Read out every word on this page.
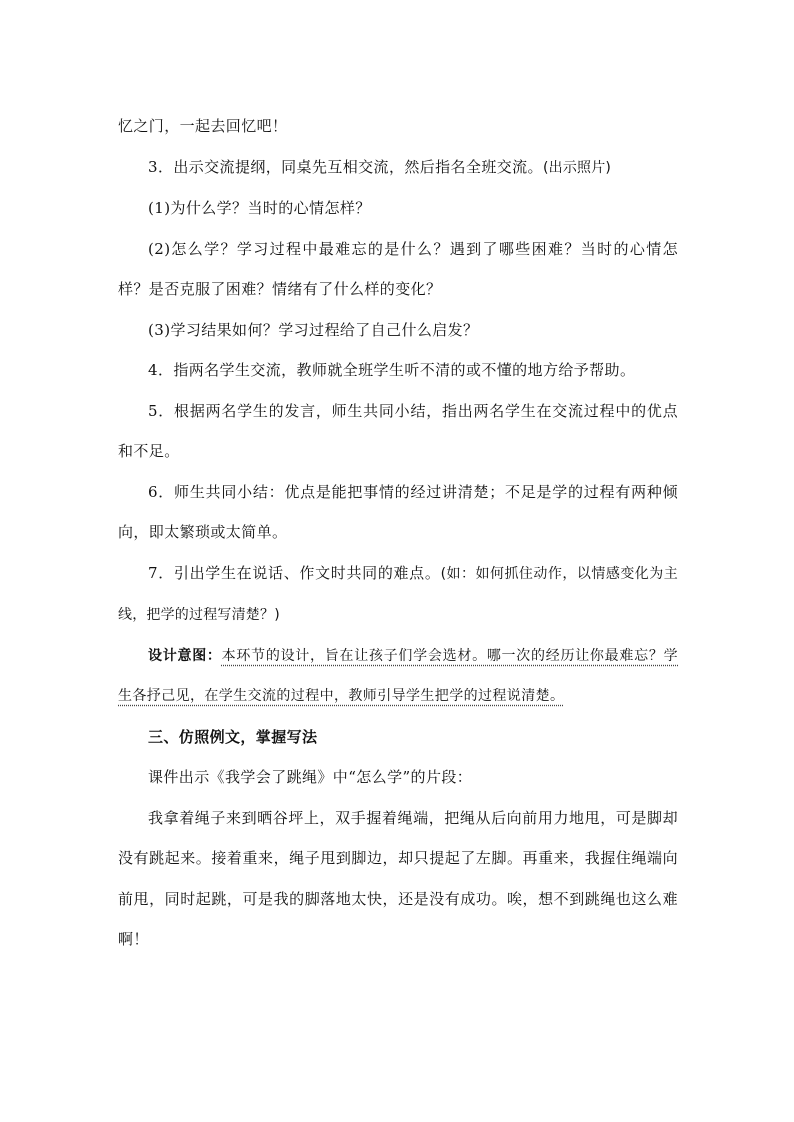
忆之门，一起去回忆吧！

3．出示交流提纲，同桌先互相交流，然后指名全班交流。(出示照片)

(1)为什么学？当时的心情怎样？

(2)怎么学？学习过程中最难忘的是什么？遇到了哪些困难？当时的心情怎样？是否克服了困难？情绪有了什么样的变化？

(3)学习结果如何？学习过程给了自己什么启发？

4．指两名学生交流，教师就全班学生听不清的或不懂的地方给予帮助。

5．根据两名学生的发言，师生共同小结，指出两名学生在交流过程中的优点和不足。

6．师生共同小结：优点是能把事情的经过讲清楚；不足是学的过程有两种倾向，即太繁琐或太简单。

7．引出学生在说话、作文时共同的难点。(如：如何抓住动作，以情感变化为主线，把学的过程写清楚？)

设计意图：本环节的设计，旨在让孩子们学会选材。哪一次的经历让你最难忘？学生各抒己见，在学生交流的过程中，教师引导学生把学的过程说清楚。

三、仿照例文，掌握写法

课件出示《我学会了跳绳》中“怎么学”的片段：

我拿着绳子来到晒谷坪上，双手握着绳端，把绳从后向前用力地甩，可是脚却没有跳起来。接着重来，绳子甩到脚边，却只提起了左脚。再重来，我握住绳端向前甩，同时起跳，可是我的脚落地太快，还是没有成功。唉，想不到跳绳也这么难啊！
